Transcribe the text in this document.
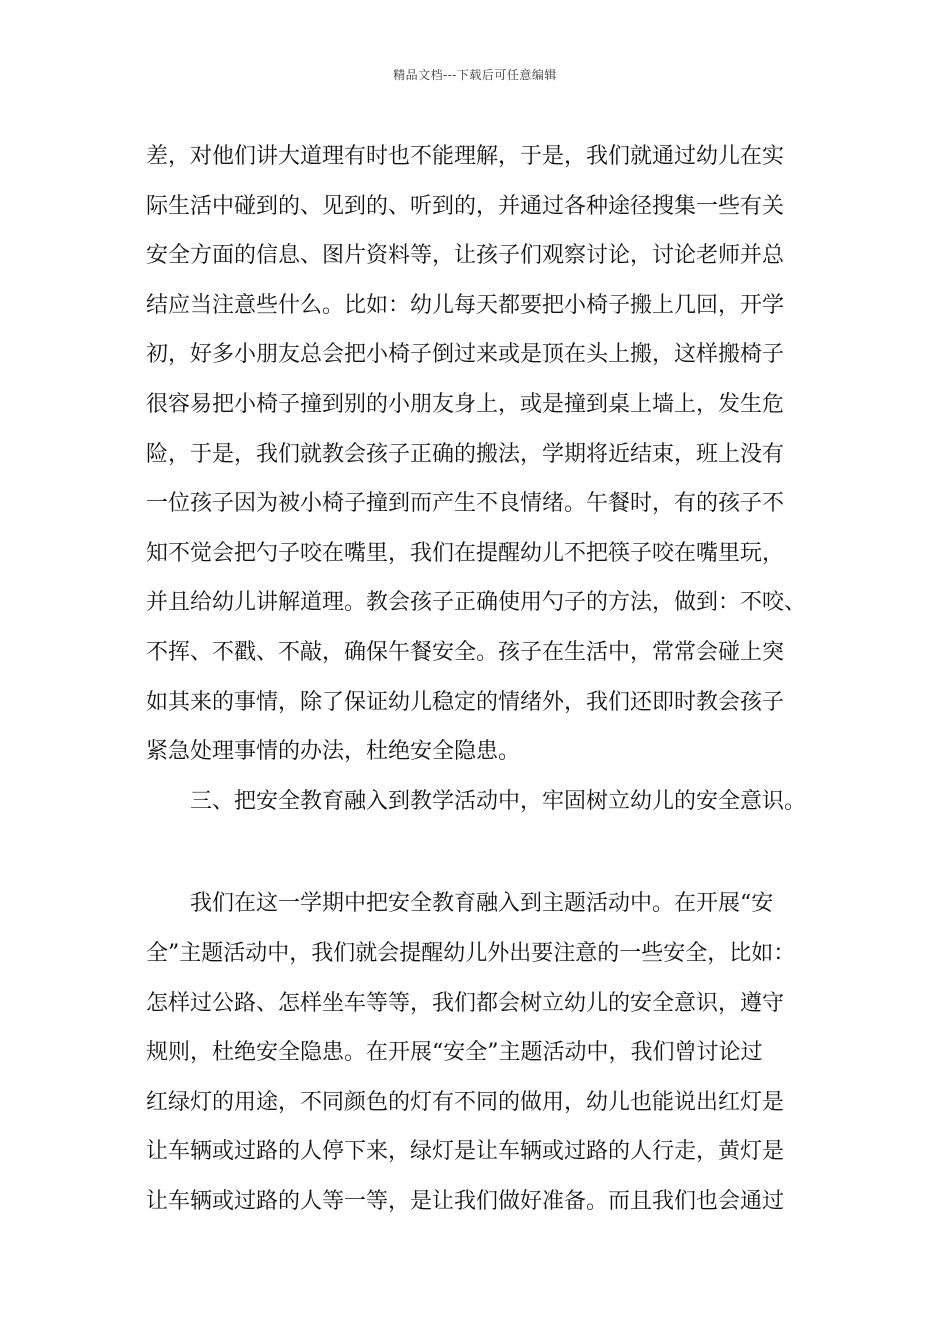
精品文档---下载后可任意编辑
差，对他们讲大道理有时也不能理解，于是，我们就通过幼儿在实
际生活中碰到的、见到的、听到的，并通过各种途径搜集一些有关
安全方面的信息、图片资料等，让孩子们观察讨论，讨论老师并总
结应当注意些什么。比如：幼儿每天都要把小椅子搬上几回，开学
初，好多小朋友总会把小椅子倒过来或是顶在头上搬，这样搬椅子
很容易把小椅子撞到别的小朋友身上，或是撞到桌上墙上，发生危
险，于是，我们就教会孩子正确的搬法，学期将近结束，班上没有
一位孩子因为被小椅子撞到而产生不良情绪。午餐时，有的孩子不
知不觉会把勺子咬在嘴里，我们在提醒幼儿不把筷子咬在嘴里玩，
并且给幼儿讲解道理。教会孩子正确使用勺子的方法，做到：不咬、
不挥、不戳、不敲，确保午餐安全。孩子在生活中，常常会碰上突
如其来的事情，除了保证幼儿稳定的情绪外，我们还即时教会孩子
紧急处理事情的办法，杜绝安全隐患。
三、把安全教育融入到教学活动中，牢固树立幼儿的安全意识。
我们在这一学期中把安全教育融入到主题活动中。在开展“安
全”主题活动中，我们就会提醒幼儿外出要注意的一些安全，比如：
怎样过公路、怎样坐车等等，我们都会树立幼儿的安全意识，遵守
规则，杜绝安全隐患。在开展“安全”主题活动中，我们曾讨论过
红绿灯的用途，不同颜色的灯有不同的做用，幼儿也能说出红灯是
让车辆或过路的人停下来，绿灯是让车辆或过路的人行走，黄灯是
让车辆或过路的人等一等，是让我们做好准备。而且我们也会通过
